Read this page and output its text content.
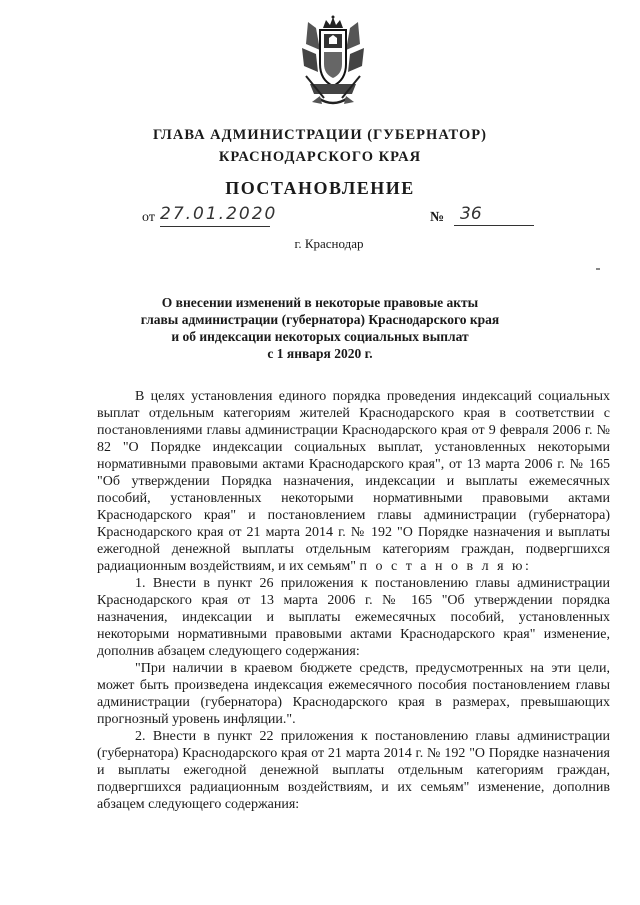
ГЛАВА АДМИНИСТРАЦИИ (ГУБЕРНАТОР)
КРАСНОДАРСКОГО КРАЯ
ПОСТАНОВЛЕНИЕ
от 27.01.2020	№ 36
г. Краснодар
О внесении изменений в некоторые правовые акты
главы администрации (губернатора) Краснодарского края
и об индексации некоторых социальных выплат
с 1 января 2020 г.

В целях установления единого порядка проведения индексаций социальных выплат отдельным категориям жителей Краснодарского края в соответствии с постановлениями главы администрации Краснодарского края от 9 февраля 2006 г. № 82 "О Порядке индексации социальных выплат, установленных некоторыми нормативными правовыми актами Краснодарского края", от 13 марта 2006 г. № 165 "Об утверждении Порядка назначения, индексации и выплаты ежемесячных пособий, установленных некоторыми нормативными правовыми актами Краснодарского края" и постановлением главы администрации (губернатора) Краснодарского края от 21 марта 2014 г. № 192 "О Порядке назначения и выплаты ежегодной денежной выплаты отдельным категориям граждан, подвергшихся радиационным воздействиям, и их семьям" п о с т а н о в л я ю:

1. Внести в пункт 26 приложения к постановлению главы администрации Краснодарского края от 13 марта 2006 г. № 165 "Об утверждении порядка назначения, индексации и выплаты ежемесячных пособий, установленных некоторыми нормативными правовыми актами Краснодарского края" изменение, дополнив абзацем следующего содержания:

"При наличии в краевом бюджете средств, предусмотренных на эти цели, может быть произведена индексация ежемесячного пособия постановлением главы администрации (губернатора) Краснодарского края в размерах, превышающих прогнозный уровень инфляции.".

2. Внести в пункт 22 приложения к постановлению главы администрации (губернатора) Краснодарского края от 21 марта 2014 г. № 192 "О Порядке назначения и выплаты ежегодной денежной выплаты отдельным категориям граждан, подвергшихся радиационным воздействиям, и их семьям" изменение, дополнив абзацем следующего содержания:
